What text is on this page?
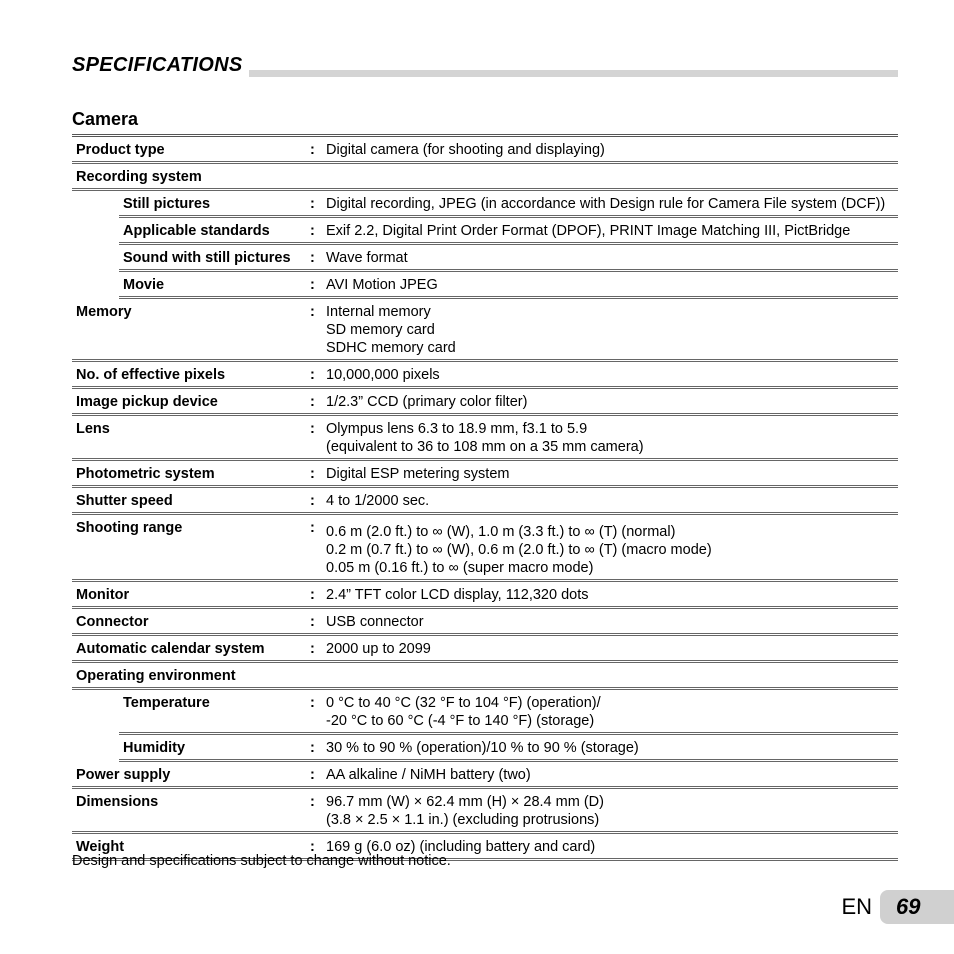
SPECIFICATIONS
Camera
Product type	: Digital camera (for shooting and displaying)
Recording system
Still pictures	: Digital recording, JPEG (in accordance with Design rule for Camera File system (DCF))
Applicable standards	: Exif 2.2, Digital Print Order Format (DPOF), PRINT Image Matching III, PictBridge
Sound with still pictures	: Wave format
Movie	: AVI Motion JPEG
Memory	: Internal memory
SD memory card
SDHC memory card
No. of effective pixels	: 10,000,000 pixels
Image pickup device	: 1/2.3” CCD (primary color filter)
Lens	: Olympus lens 6.3 to 18.9 mm, f3.1 to 5.9
(equivalent to 36 to 108 mm on a 35 mm camera)
Photometric system	: Digital ESP metering system
Shutter speed	: 4 to 1/2000 sec.
Shooting range	: 0.6 m (2.0 ft.) to ∞ (W), 1.0 m (3.3 ft.) to ∞ (T) (normal)
0.2 m (0.7 ft.) to ∞ (W), 0.6 m (2.0 ft.) to ∞ (T) (macro mode)
0.05 m (0.16 ft.) to ∞ (super macro mode)
Monitor	: 2.4” TFT color LCD display, 112,320 dots
Connector	: USB connector
Automatic calendar system	: 2000 up to 2099
Operating environment
Temperature	: 0 °C to 40 °C (32 °F to 104 °F) (operation)/
-20 °C to 60 °C (-4 °F to 140 °F) (storage)
Humidity	: 30 % to 90 % (operation)/10 % to 90 % (storage)
Power supply	: AA alkaline / NiMH battery (two)
Dimensions	: 96.7 mm (W) × 62.4 mm (H) × 28.4 mm (D)
(3.8 × 2.5 × 1.1 in.) (excluding protrusions)
Weight	: 169 g (6.0 oz) (including battery and card)
Design and specifications subject to change without notice.
EN	69
